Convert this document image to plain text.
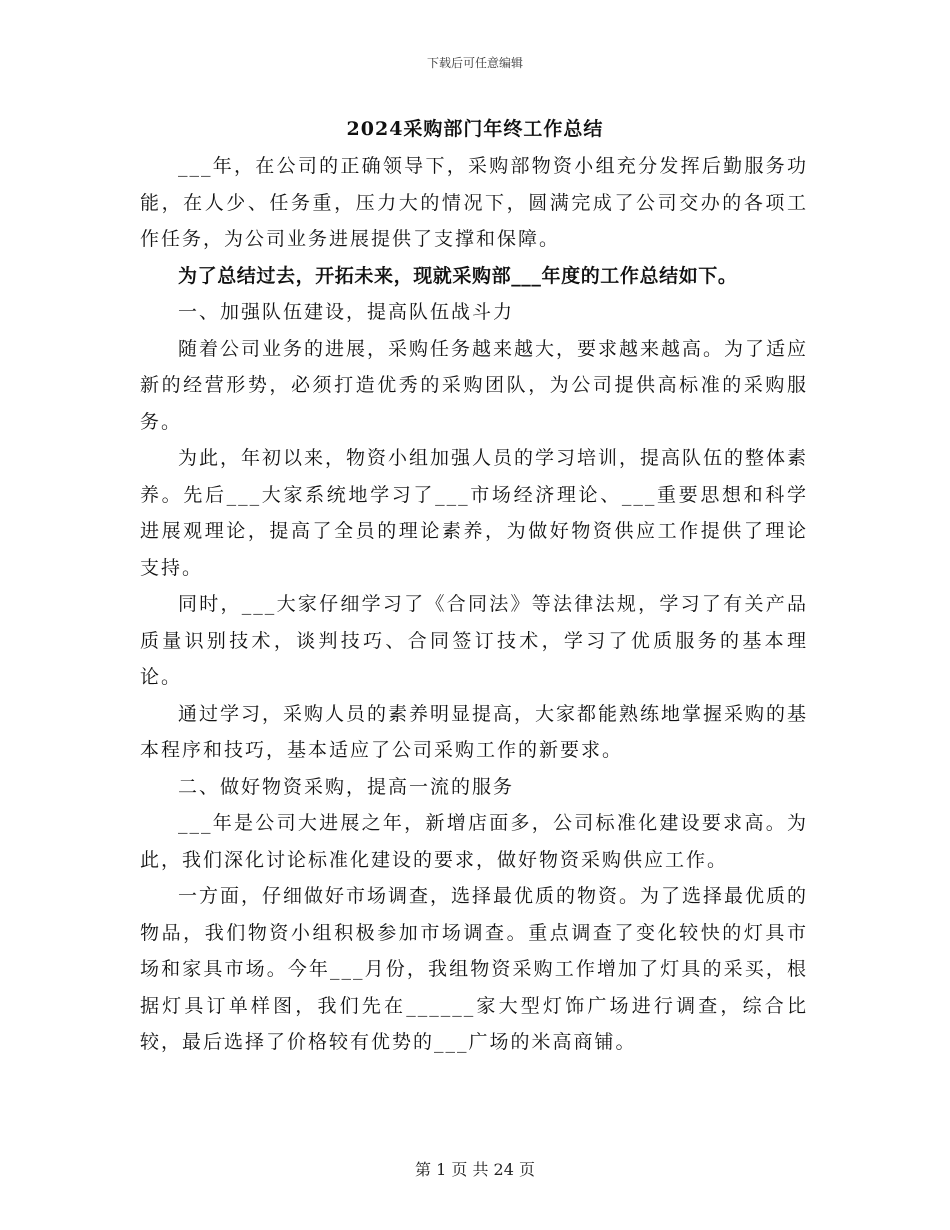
下载后可任意编辑
2024采购部门年终工作总结

___年，在公司的正确领导下，采购部物资小组充分发挥后勤服务功能，在人少、任务重，压力大的情况下，圆满完成了公司交办的各项工作任务，为公司业务进展提供了支撑和保障。

为了总结过去，开拓未来，现就采购部___年度的工作总结如下。

一、加强队伍建设，提高队伍战斗力

随着公司业务的进展，采购任务越来越大，要求越来越高。为了适应新的经营形势，必须打造优秀的采购团队，为公司提供高标准的采购服务。

为此，年初以来，物资小组加强人员的学习培训，提高队伍的整体素养。先后___大家系统地学习了___市场经济理论、___重要思想和科学进展观理论，提高了全员的理论素养，为做好物资供应工作提供了理论支持。

同时，___大家仔细学习了《合同法》等法律法规，学习了有关产品质量识别技术，谈判技巧、合同签订技术，学习了优质服务的基本理论。

通过学习，采购人员的素养明显提高，大家都能熟练地掌握采购的基本程序和技巧，基本适应了公司采购工作的新要求。

二、做好物资采购，提高一流的服务

___年是公司大进展之年，新增店面多，公司标准化建设要求高。为此，我们深化讨论标准化建设的要求，做好物资采购供应工作。

一方面，仔细做好市场调查，选择最优质的物资。为了选择最优质的物品，我们物资小组积极参加市场调查。重点调查了变化较快的灯具市场和家具市场。今年___月份，我组物资采购工作增加了灯具的采买，根据灯具订单样图，我们先在______家大型灯饰广场进行调查，综合比较，最后选择了价格较有优势的___广场的米高商铺。

第 1 页 共 24 页
